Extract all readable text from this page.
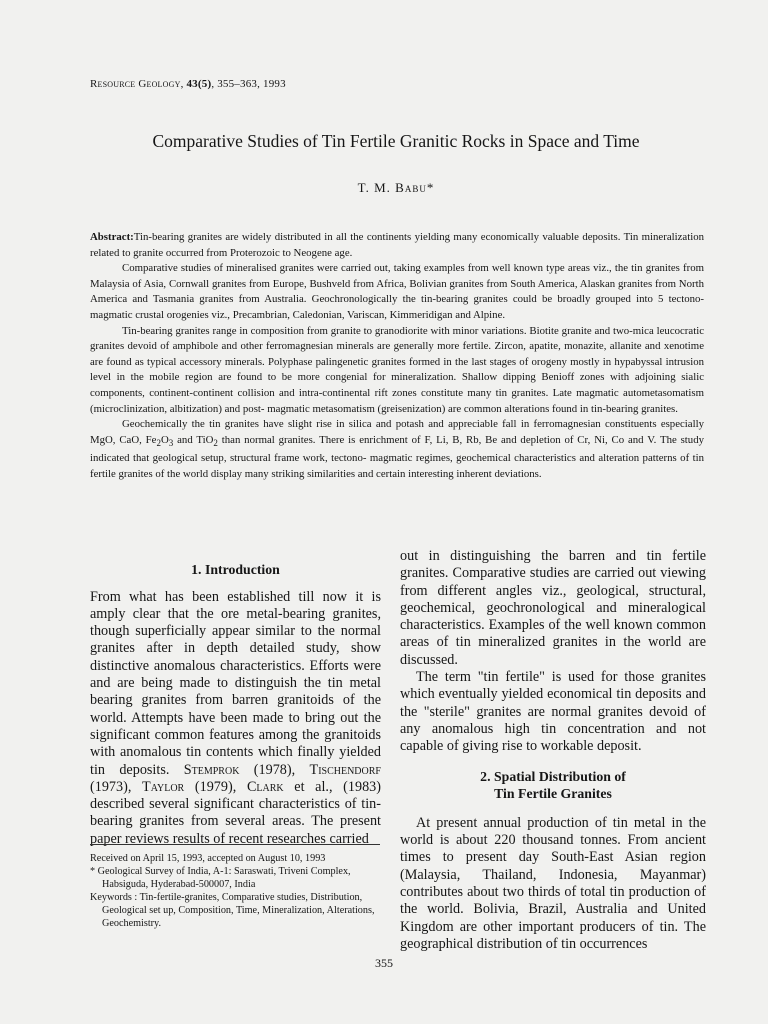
Resource Geology, 43(5), 355–363, 1993
Comparative Studies of Tin Fertile Granitic Rocks in Space and Time
T. M. Babu*

Abstract:Tin-bearing granites are widely distributed in all the continents yielding many economically valuable deposits. Tin mineralization related to granite occurred from Proterozoic to Neogene age.

Comparative studies of mineralised granites were carried out, taking examples from well known type areas viz., the tin granites from Malaysia of Asia, Cornwall granites from Europe, Bushveld from Africa, Bolivian granites from South America, Alaskan granites from North America and Tasmania granites from Australia. Geochronologically the tin-bearing granites could be broadly grouped into 5 tectono-magmatic crustal orogenies viz., Precambrian, Caledonian, Variscan, Kimmeridigan and Alpine.

Tin-bearing granites range in composition from granite to granodiorite with minor variations. Biotite granite and two-mica leucocratic granites devoid of amphibole and other ferromagnesian minerals are generally more fertile. Zircon, apatite, monazite, allanite and xenotime are found as typical accessory minerals. Polyphase palingenetic granites formed in the last stages of orogeny mostly in hypabyssal intrusion level in the mobile region are found to be more congenial for mineralization. Shallow dipping Benioff zones with adjoining sialic components, continent-continent collision and intra-continental rift zones constitute many tin granites. Late magmatic autometasomatism (microclinization, albitization) and post- magmatic metasomatism (greisenization) are common alterations found in tin-bearing granites.

Geochemically the tin granites have slight rise in silica and potash and appreciable fall in ferromagnesian constituents especially MgO, CaO, $Fe_2O_3$ and TiO$_2$ than normal granites. There is enrichment of F, Li, B, Rb, Be and depletion of Cr, Ni, Co and V. The study indicated that geological setup, structural frame work, tectono- magmatic regimes, geochemical characteristics and alteration patterns of tin fertile granites of the world display many striking similarities and certain interesting inherent deviations.

1. Introduction

From what has been established till now it is amply clear that the ore metal-bearing granites, though superficially appear similar to the normal granites after in depth detailed study, show distinctive anomalous characteristics. Efforts were and are being made to distinguish the tin metal bearing granites from barren granitoids of the world. Attempts have been made to bring out the significant common features among the granitoids with anomalous tin contents which finally yielded tin deposits. Stemprok (1978), Tischendorf (1973), Taylor (1979), Clark et al., (1983) described several significant characteristics of tin-bearing granites from several areas. The present paper reviews results of recent researches carried

out in distinguishing the barren and tin fertile granites. Comparative studies are carried out viewing from different angles viz., geological, structural, geochemical, geochronological and mineralogical characteristics. Examples of the well known common areas of tin mineralized granites in the world are discussed.

The term "tin fertile" is used for those granites which eventually yielded economical tin deposits and the "sterile" granites are normal granites devoid of any anomalous high tin concentration and not capable of giving rise to workable deposit.

2. Spatial Distribution of
Tin Fertile Granites

At present annual production of tin metal in the world is about 220 thousand tonnes. From ancient times to present day South-East Asian region (Malaysia, Thailand, Indonesia, Mayanmar) contributes about two thirds of total tin production of the world. Bolivia, Brazil, Australia and United Kingdom are other important producers of tin. The geographical distribution of tin occurrences

Received on April 15, 1993, accepted on August 10, 1993

* Geological Survey of India, A-1: Saraswati, Triveni Complex, Habsiguda, Hyderabad-500007, India

Keywords : Tin-fertile-granites, Comparative studies, Distribution, Geological set up, Composition, Time, Mineralization, Alterations, Geochemistry.

355
